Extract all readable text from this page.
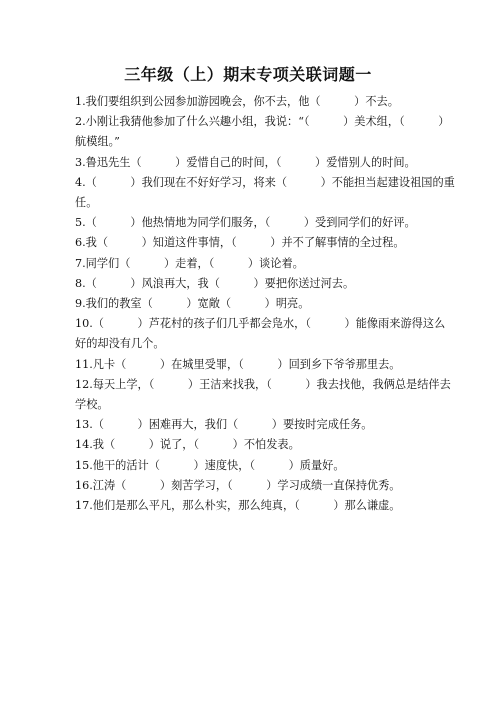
三年级（上）期末专项关联词题一
1.我们要组织到公园参加游园晚会，你不去，他（　　　）不去。
2.小刚让我猜他参加了什么兴趣小组，我说：“（　　　）美术组，（　　　）航模组。”
3.鲁迅先生（　　　）爱惜自己的时间，（　　　）爱惜别人的时间。
4.（　　　）我们现在不好好学习，将来（　　　）不能担当起建设祖国的重任。
5.（　　　）他热情地为同学们服务，（　　　）受到同学们的好评。
6.我（　　　）知道这件事情，（　　　）并不了解事情的全过程。
7.同学们（　　　）走着，（　　　）谈论着。
8.（　　　）风浪再大，我（　　　）要把你送过河去。
9.我们的教室（　　　）宽敞（　　　）明亮。
10.（　　　）芦花村的孩子们几乎都会凫水，（　　　）能像雨来游得这么好的却没有几个。
11.凡卡（　　　）在城里受罪，（　　　）回到乡下爷爷那里去。
12.每天上学，（　　　）王洁来找我，（　　　）我去找他，我俩总是结伴去学校。
13.（　　　）困难再大，我们（　　　）要按时完成任务。
14.我（　　　）说了，（　　　）不怕发表。
15.他干的活计（　　　）速度快，（　　　）质量好。
16.江涛（　　　）刻苦学习，（　　　）学习成绩一直保持优秀。
17.他们是那么平凡，那么朴实，那么纯真，（　　　）那么谦虚。
